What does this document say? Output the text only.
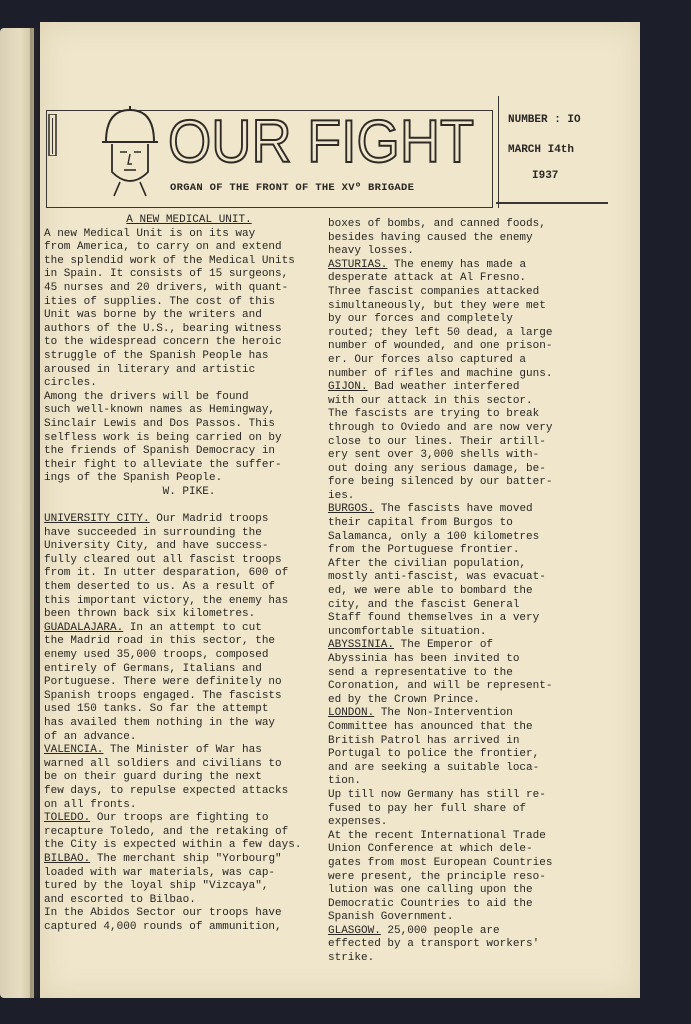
OUR FIGHT
ORGAN OF THE FRONT OF THE XVº BRIGADE
NUMBER : IO
MARCH I4th
I937

A NEW MEDICAL UNIT.

A new Medical Unit is on its way

from America, to carry on and extend

the splendid work of the Medical Units

in Spain. It consists of 15 surgeons,

45 nurses and 20 drivers, with quant-

ities of supplies. The cost of this

Unit was borne by the writers and

authors of the U.S., bearing witness

to the widespread concern the heroic

struggle of the Spanish People has

aroused in literary and artistic

circles.

Among the drivers will be found

such well-known names as Hemingway,

Sinclair Lewis and Dos Passos. This

selfless work is being carried on by

the friends of Spanish Democracy in

their fight to alleviate the suffer-

ings of the Spanish People.

W. PIKE.

UNIVERSITY CITY. Our Madrid troops

have succeeded in surrounding the

University City, and have success-

fully cleared out all fascist troops

from it. In utter desparation, 600 of

them deserted to us. As a result of

this important victory, the enemy has

been thrown back six kilometres.

GUADALAJARA. In an attempt to cut

the Madrid road in this sector, the

enemy used 35,000 troops, composed

entirely of Germans, Italians and

Portuguese. There were definitely no

Spanish troops engaged. The fascists

used 150 tanks. So far the attempt

has availed them nothing in the way

of an advance.

VALENCIA. The Minister of War has

warned all soldiers and civilians to

be on their guard during the next

few days, to repulse expected attacks

on all fronts.

TOLEDO. Our troops are fighting to

recapture Toledo, and the retaking of

the City is expected within a few days.

BILBAO. The merchant ship "Yorbourg"

loaded with war materials, was cap-

tured by the loyal ship "Vizcaya",

and escorted to Bilbao.

In the Abidos Sector our troops have

captured 4,000 rounds of ammunition,

boxes of bombs, and canned foods,

besides having caused the enemy

heavy losses.

ASTURIAS. The enemy has made a

desperate attack at Al Fresno.

Three fascist companies attacked

simultaneously, but they were met

by our forces and completely

routed; they left 50 dead, a large

number of wounded, and one prison-

er. Our forces also captured a

number of rifles and machine guns.

GIJON. Bad weather interfered

with our attack in this sector.

The fascists are trying to break

through to Oviedo and are now very

close to our lines. Their artill-

ery sent over 3,000 shells with-

out doing any serious damage, be-

fore being silenced by our batter-

ies.

BURGOS. The fascists have moved

their capital from Burgos to

Salamanca, only a 100 kilometres

from the Portuguese frontier.

After the civilian population,

mostly anti-fascist, was evacuat-

ed, we were able to bombard the

city, and the fascist General

Staff found themselves in a very

uncomfortable situation.

ABYSSINIA. The Emperor of

Abyssinia has been invited to

send a representative to the

Coronation, and will be represent-

ed by the Crown Prince.

LONDON. The Non-Intervention

Committee has anounced that the

British Patrol has arrived in

Portugal to police the frontier,

and are seeking a suitable loca-

tion.

Up till now Germany has still re-

fused to pay her full share of

expenses.

At the recent International Trade

Union Conference at which dele-

gates from most European Countries

were present, the principle reso-

lution was one calling upon the

Democratic Countries to aid the

Spanish Government.

GLASGOW. 25,000 people are

effected by a transport workers'

strike.
